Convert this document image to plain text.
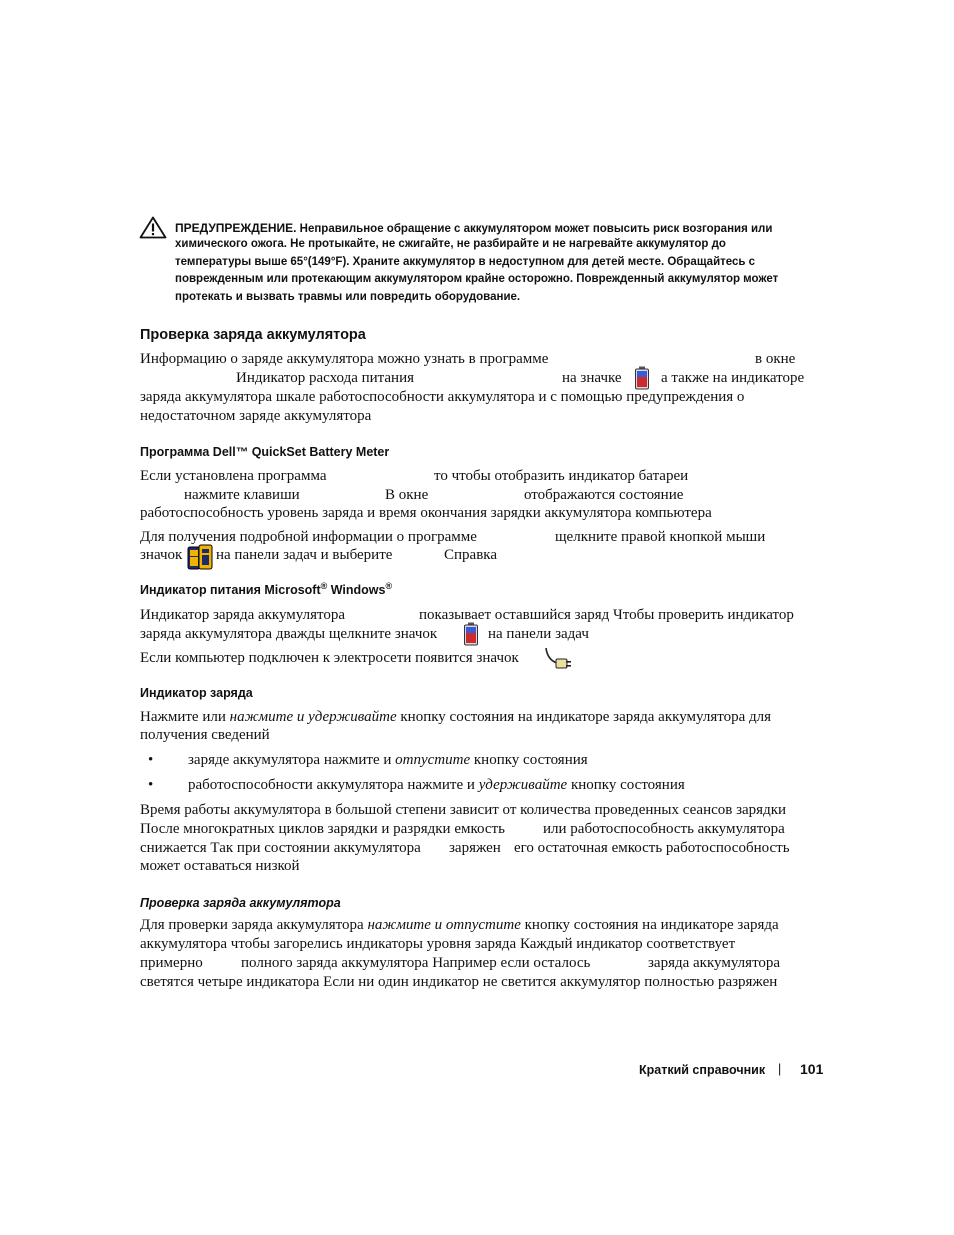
ПРЕДУПРЕЖДЕНИЕ. Неправильное обращение с аккумулятором может повысить риск возгорания или
химического ожога. Не протыкайте, не сжигайте, не разбирайте и не нагревайте аккумулятор до
температуры выше 65°(149°F). Храните аккумулятор в недоступном для детей месте. Обращайтесь с
поврежденным или протекающим аккумулятором крайне осторожно. Поврежденный аккумулятор может
протекать и вызвать травмы или повредить оборудование.
Проверка заряда аккумулятора
Информацию о заряде аккумулятора можно узнать в программе	в окне
Индикатор расхода питания	на значке	а также на индикаторе
заряда аккумулятора шкале работоспособности аккумулятора и с помощью предупреждения о
недостаточном заряде аккумулятора
Программа Dell™ QuickSet Battery Meter
Если установлена программа	то чтобы отобразить индикатор батареи
нажмите клавиши	В окне	отображаются состояние
работоспособность уровень заряда и время окончания зарядки аккумулятора компьютера
Для получения подробной информации о программе	щелкните правой кнопкой мыши
значок на панели задач и выберите	Справка
Индикатор питания Microsoft® Windows®
Индикатор заряда аккумулятора	показывает оставшийся заряд Чтобы проверить индикатор
заряда аккумулятора дважды щелкните значок	на панели задач
Если компьютер подключен к электросети появится значок
Индикатор заряда
Нажмите или нажмите и удерживайте кнопку состояния на индикаторе заряда аккумулятора для
получения сведений
• заряде аккумулятора нажмите и отпустите кнопку состояния
• работоспособности аккумулятора нажмите и удерживайте кнопку состояния
Время работы аккумулятора в большой степени зависит от количества проведенных сеансов зарядки
После многократных циклов зарядки и разрядки емкость	или работоспособность аккумулятора
снижается Так при состоянии аккумулятора заряжен его остаточная емкость работоспособность
может оставаться низкой
Проверка заряда аккумулятора
Для проверки заряда аккумулятора нажмите и отпустите кнопку состояния на индикаторе заряда
аккумулятора чтобы загорелись индикаторы уровня заряда Каждый индикатор соответствует
примерно	полного заряда аккумулятора Например если осталось	заряда аккумулятора
светятся четыре индикатора Если ни один индикатор не светится аккумулятор полностью разряжен
Краткий справочник | 101
